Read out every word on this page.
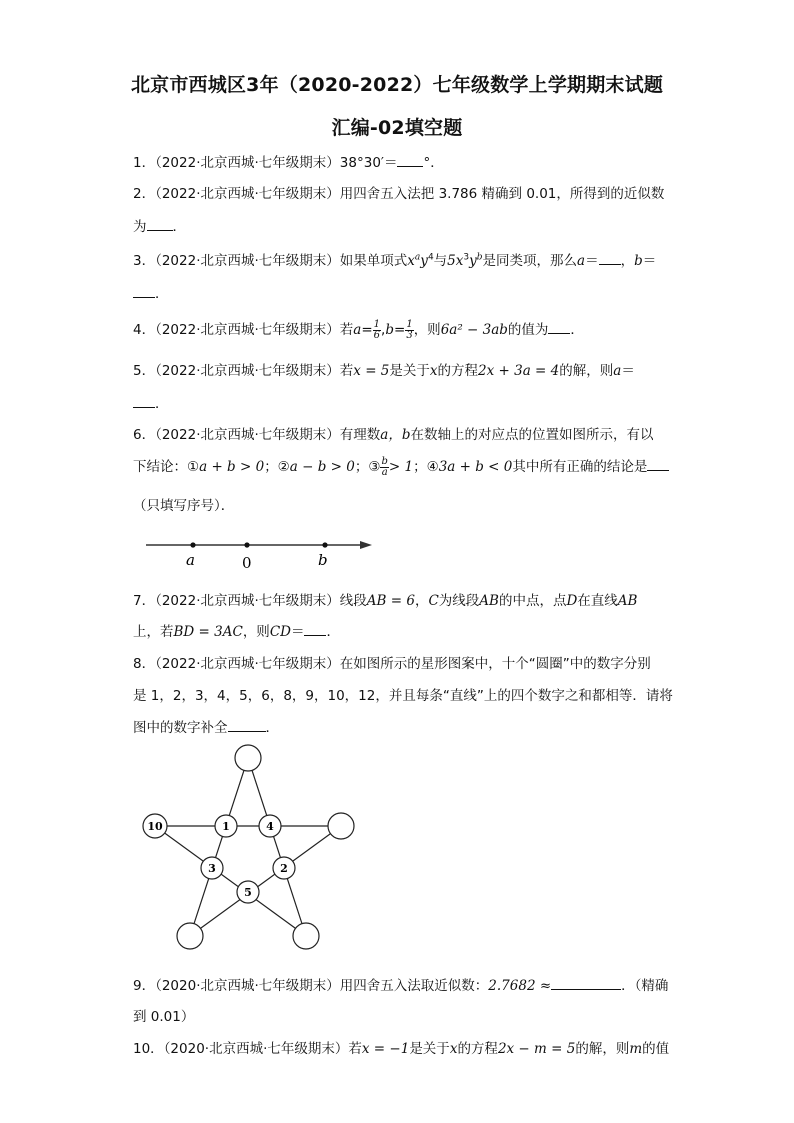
北京市西城区3年（2020-2022）七年级数学上学期期末试题
汇编-02填空题
1．（2022·北京西城·七年级期末）38°30′＝ °．
2．（2022·北京西城·七年级期末）用四舍五入法把 3.786 精确到 0.01，所得到的近似数
为 ．
3．（2022·北京西城·七年级期末）如果单项式$x^ay^4$与$5x^3y^b$是同类项，那么a＝ ，b＝
．
4．（2022·北京西城·七年级期末）若$a= \frac{1}{6} ,b= \frac{1}{3}$ ，则6a² − 3ab的值为 ．
5．（2022·北京西城·七年级期末）若x = 5是关于x的方程2x + 3a = 4的解，则a＝
．
6．（2022·北京西城·七年级期末）有理数a，b在数轴上的对应点的位置如图所示，有以
下结论：①a + b > 0；②a − b > 0；③ $\frac{b}{a} > 1$；④3a + b < 0其中所有正确的结论是
（只填写序号）．
a	0	b
7．（2022·北京西城·七年级期末）线段AB = 6，C为线段AB的中点，点D在直线AB
上，若BD = 3AC，则CD＝ ．
8．（2022·北京西城·七年级期末）在如图所示的星形图案中，十个“圆圈”中的数字分别
是 1，2，3，4，5，6，8，9，10，12，并且每条“直线”上的四个数字之和都相等．请将
图中的数字补全	．
10	1	4
3	2
5
9．（2020·北京西城·七年级期末）用四舍五入法取近似数：2.7682 ≈	．（精确
到 0.01）
10．（2020·北京西城·七年级期末）若x = −1是关于x的方程2x − m = 5的解，则m的值
